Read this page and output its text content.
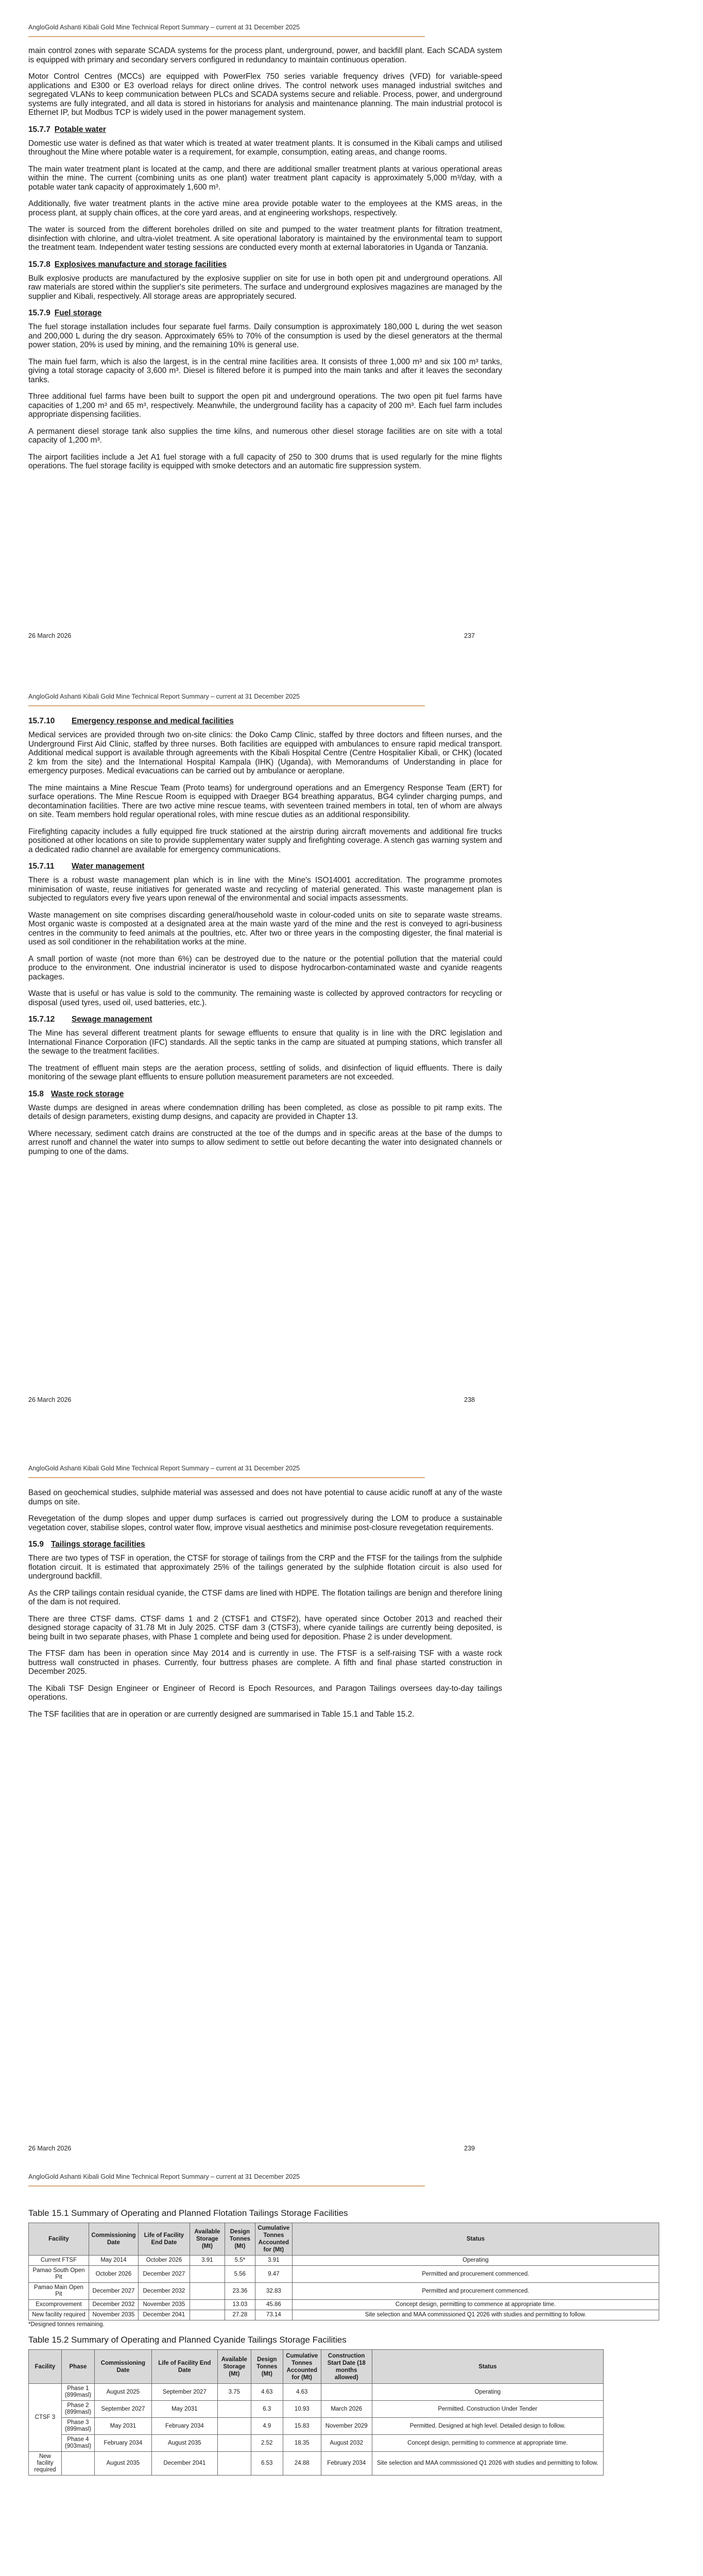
AngloGold Ashanti Kibali Gold Mine Technical Report Summary – current at 31 December 2025

main control zones with separate SCADA systems for the process plant, underground, power, and backfill plant. Each SCADA system is equipped with primary and secondary servers configured in redundancy to maintain continuous operation.

Motor Control Centres (MCCs) are equipped with PowerFlex 750 series variable frequency drives (VFD) for variable-speed applications and E300 or E3 overload relays for direct online drives. The control network uses managed industrial switches and segregated VLANs to keep communication between PLCs and SCADA systems secure and reliable. Process, power, and underground systems are fully integrated, and all data is stored in historians for analysis and maintenance planning. The main industrial protocol is Ethernet IP, but Modbus TCP is widely used in the power management system.

15.7.7 Potable water

Domestic use water is defined as that water which is treated at water treatment plants. It is consumed in the Kibali camps and utilised throughout the Mine where potable water is a requirement, for example, consumption, eating areas, and change rooms.

The main water treatment plant is located at the camp, and there are additional smaller treatment plants at various operational areas within the mine. The current (combining units as one plant) water treatment plant capacity is approximately 5,000 m³/day, with a potable water tank capacity of approximately 1,600 m³.

Additionally, five water treatment plants in the active mine area provide potable water to the employees at the KMS areas, in the process plant, at supply chain offices, at the core yard areas, and at engineering workshops, respectively.

The water is sourced from the different boreholes drilled on site and pumped to the water treatment plants for filtration treatment, disinfection with chlorine, and ultra-violet treatment. A site operational laboratory is maintained by the environmental team to support the treatment team. Independent water testing sessions are conducted every month at external laboratories in Uganda or Tanzania.

15.7.8 Explosives manufacture and storage facilities

Bulk explosive products are manufactured by the explosive supplier on site for use in both open pit and underground operations. All raw materials are stored within the supplier's site perimeters. The surface and underground explosives magazines are managed by the supplier and Kibali, respectively. All storage areas are appropriately secured.

15.7.9 Fuel storage

The fuel storage installation includes four separate fuel farms. Daily consumption is approximately 180,000 L during the wet season and 200,000 L during the dry season. Approximately 65% to 70% of the consumption is used by the diesel generators at the thermal power station, 20% is used by mining, and the remaining 10% is general use.

The main fuel farm, which is also the largest, is in the central mine facilities area. It consists of three 1,000 m³ and six 100 m³ tanks, giving a total storage capacity of 3,600 m³. Diesel is filtered before it is pumped into the main tanks and after it leaves the secondary tanks.

Three additional fuel farms have been built to support the open pit and underground operations. The two open pit fuel farms have capacities of 1,200 m³ and 65 m³, respectively. Meanwhile, the underground facility has a capacity of 200 m³. Each fuel farm includes appropriate dispensing facilities.

A permanent diesel storage tank also supplies the time kilns, and numerous other diesel storage facilities are on site with a total capacity of 1,200 m³.

The airport facilities include a Jet A1 fuel storage with a full capacity of 250 to 300 drums that is used regularly for the mine flights operations. The fuel storage facility is equipped with smoke detectors and an automatic fire suppression system.

26 March 2026	237
AngloGold Ashanti Kibali Gold Mine Technical Report Summary – current at 31 December 2025
15.7.10 Emergency response and medical facilities

Medical services are provided through two on-site clinics: the Doko Camp Clinic, staffed by three doctors and fifteen nurses, and the Underground First Aid Clinic, staffed by three nurses. Both facilities are equipped with ambulances to ensure rapid medical transport. Additional medical support is available through agreements with the Kibali Hospital Centre (Centre Hospitalier Kibali, or CHK) (located 2 km from the site) and the International Hospital Kampala (IHK) (Uganda), with Memorandums of Understanding in place for emergency purposes. Medical evacuations can be carried out by ambulance or aeroplane.

The mine maintains a Mine Rescue Team (Proto teams) for underground operations and an Emergency Response Team (ERT) for surface operations. The Mine Rescue Room is equipped with Draeger BG4 breathing apparatus, BG4 cylinder charging pumps, and decontamination facilities. There are two active mine rescue teams, with seventeen trained members in total, ten of whom are always on site. Team members hold regular operational roles, with mine rescue duties as an additional responsibility.

Firefighting capacity includes a fully equipped fire truck stationed at the airstrip during aircraft movements and additional fire trucks positioned at other locations on site to provide supplementary water supply and firefighting coverage. A stench gas warning system and a dedicated radio channel are available for emergency communications.

15.7.11 Water management

There is a robust waste management plan which is in line with the Mine's ISO14001 accreditation. The programme promotes minimisation of waste, reuse initiatives for generated waste and recycling of material generated. This waste management plan is subjected to regulators every five years upon renewal of the environmental and social impacts assessments.

Waste management on site comprises discarding general/household waste in colour-coded units on site to separate waste streams. Most organic waste is composted at a designated area at the main waste yard of the mine and the rest is conveyed to agri-business centres in the community to feed animals at the poultries, etc. After two or three years in the composting digester, the final material is used as soil conditioner in the rehabilitation works at the mine.

A small portion of waste (not more than 6%) can be destroyed due to the nature or the potential pollution that the material could produce to the environment. One industrial incinerator is used to dispose hydrocarbon-contaminated waste and cyanide reagents packages.

Waste that is useful or has value is sold to the community. The remaining waste is collected by approved contractors for recycling or disposal (used tyres, used oil, used batteries, etc.).

15.7.12 Sewage management

The Mine has several different treatment plants for sewage effluents to ensure that quality is in line with the DRC legislation and International Finance Corporation (IFC) standards. All the septic tanks in the camp are situated at pumping stations, which transfer all the sewage to the treatment facilities.

The treatment of effluent main steps are the aeration process, settling of solids, and disinfection of liquid effluents. There is daily monitoring of the sewage plant effluents to ensure pollution measurement parameters are not exceeded.

15.8 Waste rock storage

Waste dumps are designed in areas where condemnation drilling has been completed, as close as possible to pit ramp exits. The details of design parameters, existing dump designs, and capacity are provided in Chapter 13.

Where necessary, sediment catch drains are constructed at the toe of the dumps and in specific areas at the base of the dumps to arrest runoff and channel the water into sumps to allow sediment to settle out before decanting the water into designated channels or pumping to one of the dams.

26 March 2026	238
AngloGold Ashanti Kibali Gold Mine Technical Report Summary – current at 31 December 2025

Based on geochemical studies, sulphide material was assessed and does not have potential to cause acidic runoff at any of the waste dumps on site.

Revegetation of the dump slopes and upper dump surfaces is carried out progressively during the LOM to produce a sustainable vegetation cover, stabilise slopes, control water flow, improve visual aesthetics and minimise post-closure revegetation requirements.

15.9 Tailings storage facilities

There are two types of TSF in operation, the CTSF for storage of tailings from the CRP and the FTSF for the tailings from the sulphide flotation circuit. It is estimated that approximately 25% of the tailings generated by the sulphide flotation circuit is also used for underground backfill.

As the CRP tailings contain residual cyanide, the CTSF dams are lined with HDPE. The flotation tailings are benign and therefore lining of the dam is not required.

There are three CTSF dams. CTSF dams 1 and 2 (CTSF1 and CTSF2), have operated since October 2013 and reached their designed storage capacity of 31.78 Mt in July 2025. CTSF dam 3 (CTSF3), where cyanide tailings are currently being deposited, is being built in two separate phases, with Phase 1 complete and being used for deposition. Phase 2 is under development.

The FTSF dam has been in operation since May 2014 and is currently in use. The FTSF is a self-raising TSF with a waste rock buttress wall constructed in phases. Currently, four buttress phases are complete. A fifth and final phase started construction in December 2025.

The Kibali TSF Design Engineer or Engineer of Record is Epoch Resources, and Paragon Tailings oversees day-to-day tailings operations.

The TSF facilities that are in operation or are currently designed are summarised in Table 15.1 and Table 15.2.

26 March 2026	239
AngloGold Ashanti Kibali Gold Mine Technical Report Summary – current at 31 December 2025
Table 15.1 Summary of Operating and Planned Flotation Tailings Storage Facilities
Facility	Commissioning Date	Life of Facility End Date	Available Storage (Mt)	Design Tonnes (Mt)	Cumulative Tonnes Accounted for (Mt)	Status
Current FTSF	May 2014	October 2026	3.91	5.5*	3.91	Operating
Pamao South Open Pit	October 2026	December 2027		5.56	9.47	Permitted and procurement commenced.
Pamao Main Open Pit	December 2027	December 2032		23.36	32.83	Permitted and procurement commenced.
Excomprovement	December 2032	November 2035		13.03	45.86	Concept design, permitting to commence at appropriate time.
New facility required	November 2035	December 2041		27.28	73.14	Site selection and MAA commissioned Q1 2026 with studies and permitting to follow.
*Designed tonnes remaining.
Table 15.2 Summary of Operating and Planned Cyanide Tailings Storage Facilities
Facility	Phase	Commissioning Date	Life of Facility End Date	Available Storage (Mt)	Design Tonnes (Mt)	Cumulative Tonnes Accounted for (Mt)	Construction Start Date (18 months allowed)	Status
CTSF 3	Phase 1 (899masl)	August 2025	September 2027	3.75	4.63	4.63		Operating
	Phase 2 (899masl)	September 2027	May 2031		6.3	10.93	March 2026	Permitted. Construction Under Tender
	Phase 3 (899masl)	May 2031	February 2034		4.9	15.83	November 2029	Permitted. Designed at high level. Detailed design to follow.
	Phase 4 (903masl)	February 2034	August 2035		2.52	18.35	August 2032	Concept design, permitting to commence at appropriate time.
New facility required		August 2035	December 2041		6.53	24.88	February 2034	Site selection and MAA commissioned Q1 2026 with studies and permitting to follow.
